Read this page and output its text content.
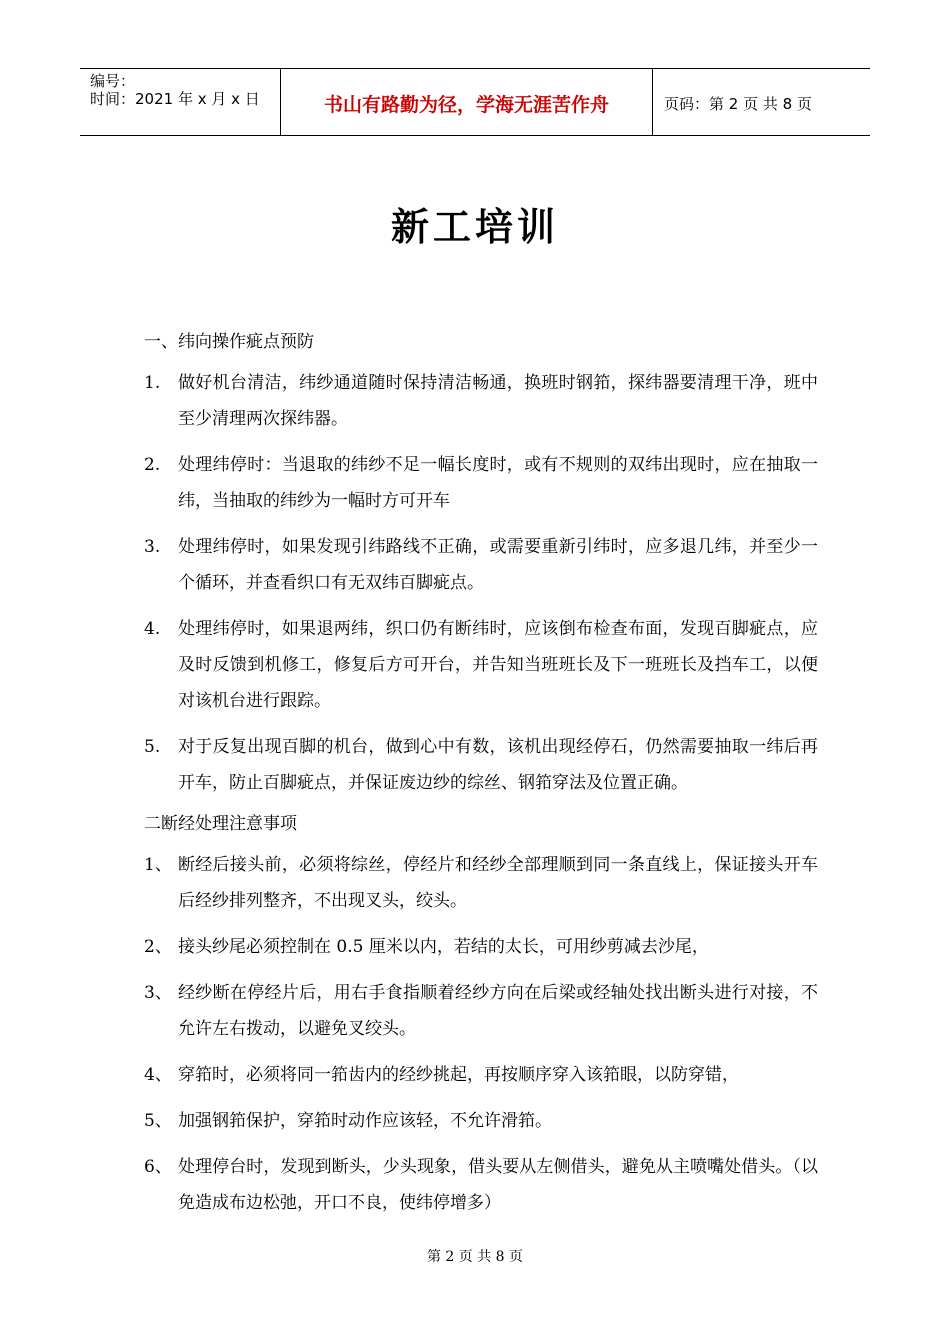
编号：
时间：2021 年 x 月 x 日	书山有路勤为径，学海无涯苦作舟	页码：第 2 页 共 8 页
新工培训
一、纬向操作疵点预防
1.	做好机台清洁，纬纱通道随时保持清洁畅通，换班时钢筘，探纬器要清理干净，班中至少清理两次探纬器。
2.	处理纬停时：当退取的纬纱不足一幅长度时，或有不规则的双纬出现时，应在抽取一纬，当抽取的纬纱为一幅时方可开车
3.	处理纬停时，如果发现引纬路线不正确，或需要重新引纬时，应多退几纬，并至少一个循环，并查看织口有无双纬百脚疵点。
4.	处理纬停时，如果退两纬，织口仍有断纬时，应该倒布检查布面，发现百脚疵点，应及时反馈到机修工，修复后方可开台，并告知当班班长及下一班班长及挡车工，以便对该机台进行跟踪。
5.	对于反复出现百脚的机台，做到心中有数，该机出现经停石，仍然需要抽取一纬后再开车，防止百脚疵点，并保证废边纱的综丝、钢筘穿法及位置正确。
二断经处理注意事项
1、 断经后接头前，必须将综丝，停经片和经纱全部理顺到同一条直线上，保证接头开车后经纱排列整齐，不出现叉头，绞头。
2、 接头纱尾必须控制在 0.5 厘米以内，若结的太长，可用纱剪减去沙尾，
3、 经纱断在停经片后，用右手食指顺着经纱方向在后梁或经轴处找出断头进行对接，不允许左右拨动，以避免叉绞头。
4、 穿筘时，必须将同一筘齿内的经纱挑起，再按顺序穿入该筘眼，以防穿错，
5、 加强钢筘保护，穿筘时动作应该轻，不允许滑筘。
6、 处理停台时，发现到断头，少头现象，借头要从左侧借头，避免从主喷嘴处借头。（以免造成布边松弛，开口不良，使纬停增多）
第 2 页 共 8 页
